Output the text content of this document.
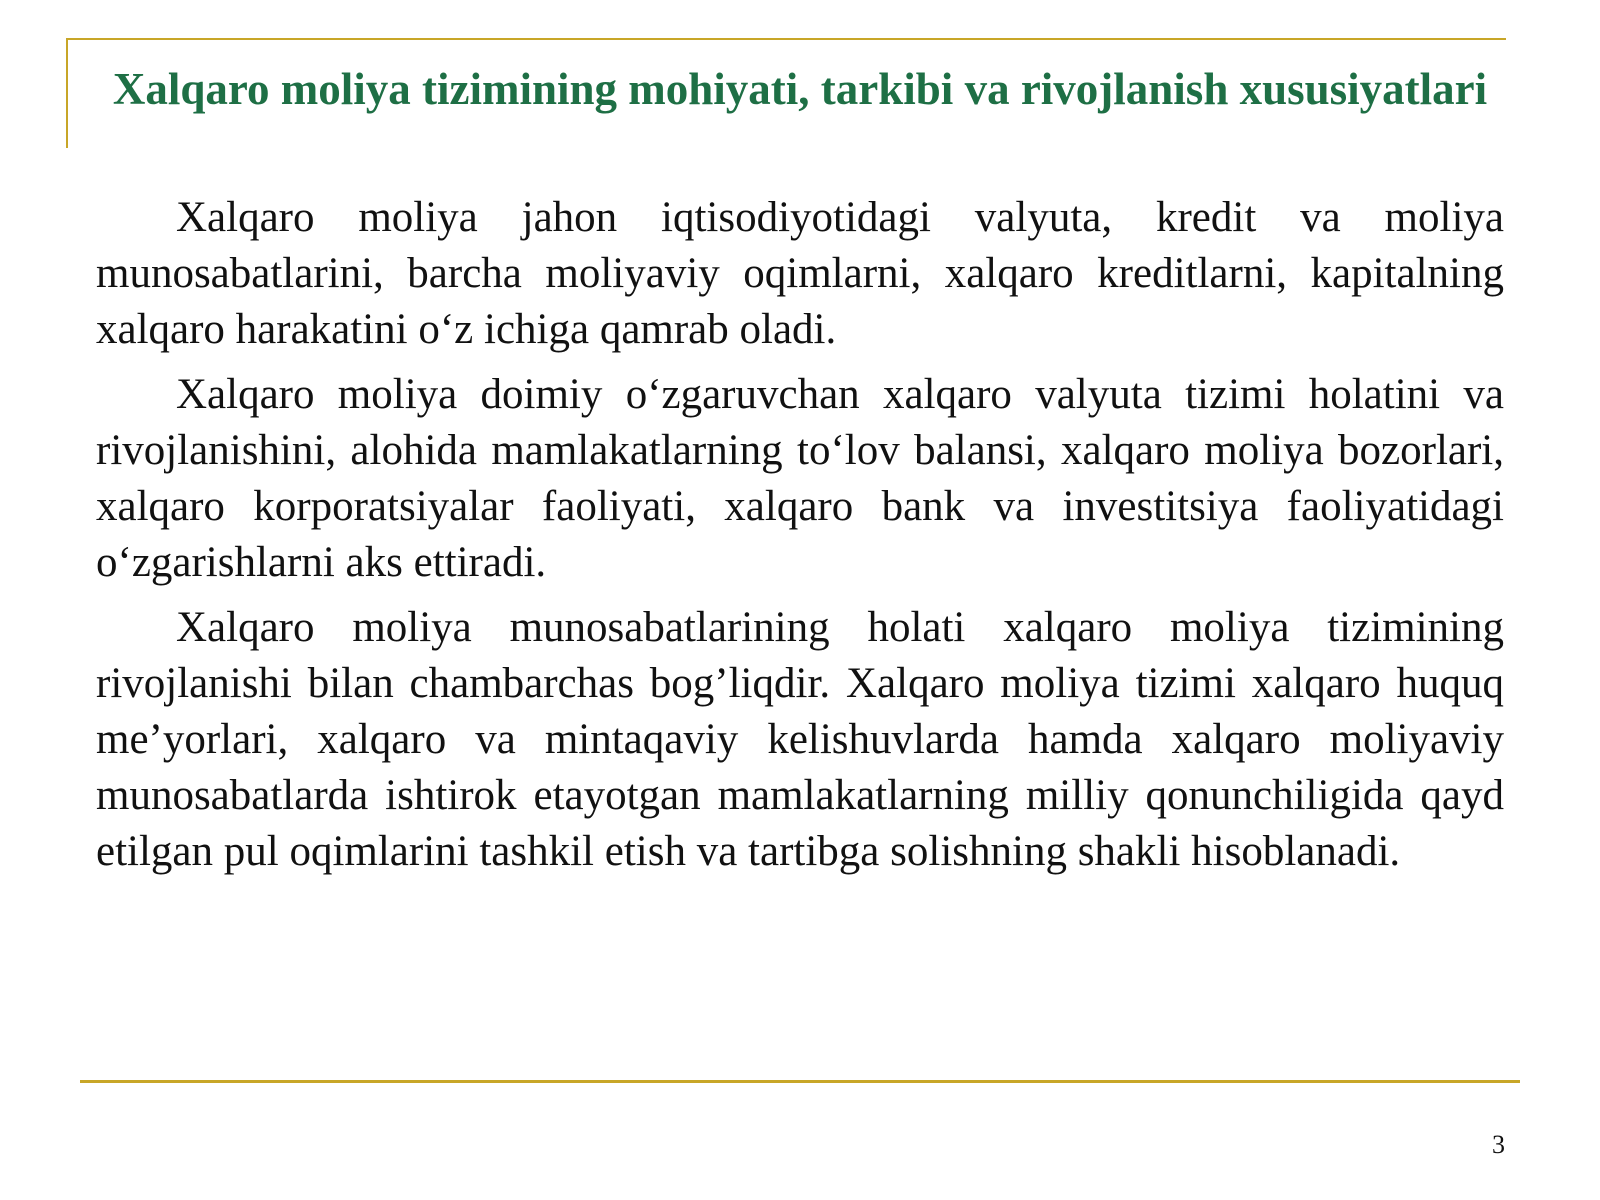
Xalqaro moliya tizimining mohiyati, tarkibi va rivojlanish xususiyatlari

Xalqaro moliya jahon iqtisodiyotidagi valyuta, kredit va moliya munosabatlarini, barcha moliyaviy oqimlarni, xalqaro kreditlarni, kapitalning xalqaro harakatini o‘z ichiga qamrab oladi.

Xalqaro moliya doimiy o‘zgaruvchan xalqaro valyuta tizimi holatini va rivojlanishini, alohida mamlakatlarning to‘lov balansi, xalqaro moliya bozorlari, xalqaro korporatsiyalar faoliyati, xalqaro bank va investitsiya faoliyatidagi o‘zgarishlarni aks ettiradi.

Xalqaro moliya munosabatlarining holati xalqaro moliya tizimining rivojlanishi bilan chambarchas bog’liqdir. Xalqaro moliya tizimi xalqaro huquq me’yorlari, xalqaro va mintaqaviy kelishuvlarda hamda xalqaro moliyaviy munosabatlarda ishtirok etayotgan mamlakatlarning milliy qonunchiligida qayd etilgan pul oqimlarini tashkil etish va tartibga solishning shakli hisoblanadi.

3
